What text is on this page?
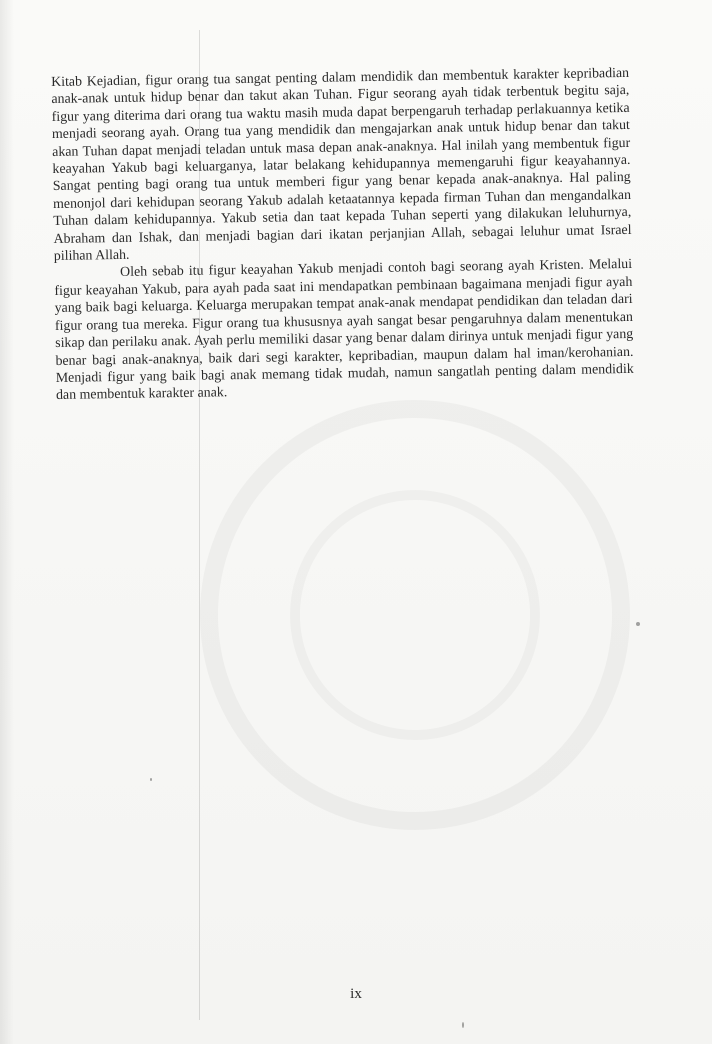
Kitab Kejadian, figur orang tua sangat penting dalam mendidik dan membentuk karakter kepribadian anak-anak untuk hidup benar dan takut akan Tuhan. Figur seorang ayah tidak terbentuk begitu saja, figur yang diterima dari orang tua waktu masih muda dapat berpengaruh terhadap perlakuannya ketika menjadi seorang ayah. Orang tua yang mendidik dan mengajarkan anak untuk hidup benar dan takut akan Tuhan dapat menjadi teladan untuk masa depan anak-anaknya. Hal inilah yang membentuk figur keayahan Yakub bagi keluarganya, latar belakang kehidupannya memengaruhi figur keayahannya. Sangat penting bagi orang tua untuk memberi figur yang benar kepada anak-anaknya. Hal paling menonjol dari kehidupan seorang Yakub adalah ketaatannya kepada firman Tuhan dan mengandalkan Tuhan dalam kehidupannya. Yakub setia dan taat kepada Tuhan seperti yang dilakukan leluhurnya, Abraham dan Ishak, dan menjadi bagian dari ikatan perjanjian Allah, sebagai leluhur umat Israel pilihan Allah.

Oleh sebab itu figur keayahan Yakub menjadi contoh bagi seorang ayah Kristen. Melalui figur keayahan Yakub, para ayah pada saat ini mendapatkan pembinaan bagaimana menjadi figur ayah yang baik bagi keluarga. Keluarga merupakan tempat anak-anak mendapat pendidikan dan teladan dari figur orang tua mereka. Figur orang tua khususnya ayah sangat besar pengaruhnya dalam menentukan sikap dan perilaku anak. Ayah perlu memiliki dasar yang benar dalam dirinya untuk menjadi figur yang benar bagi anak-anaknya, baik dari segi karakter, kepribadian, maupun dalam hal iman/kerohanian. Menjadi figur yang baik bagi anak memang tidak mudah, namun sangatlah penting dalam mendidik dan membentuk karakter anak.

ix
